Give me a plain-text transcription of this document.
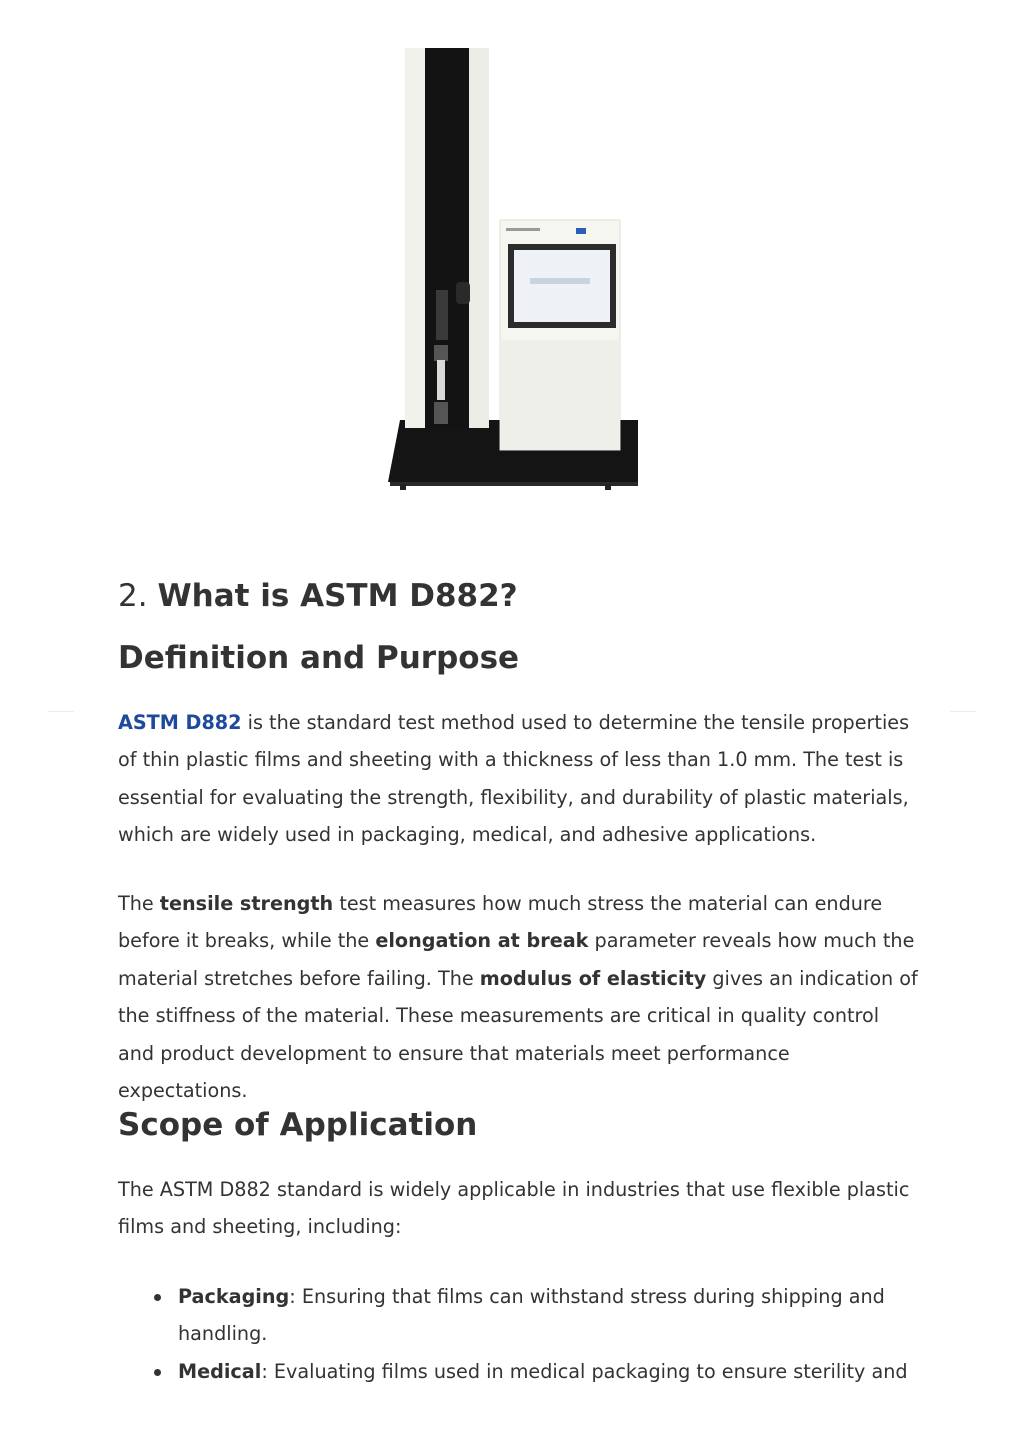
2. What is ASTM D882?
Definition and Purpose

ASTM D882 is the standard test method used to determine the tensile properties of thin plastic films and sheeting with a thickness of less than 1.0 mm. The test is essential for evaluating the strength, flexibility, and durability of plastic materials, which are widely used in packaging, medical, and adhesive applications.

The tensile strength test measures how much stress the material can endure before it breaks, while the elongation at break parameter reveals how much the material stretches before failing. The modulus of elasticity gives an indication of the stiffness of the material. These measurements are critical in quality control and product development to ensure that materials meet performance expectations.

Scope of Application

The ASTM D882 standard is widely applicable in industries that use flexible plastic films and sheeting, including:

Packaging: Ensuring that films can withstand stress during shipping and handling.
Medical: Evaluating films used in medical packaging to ensure sterility and
